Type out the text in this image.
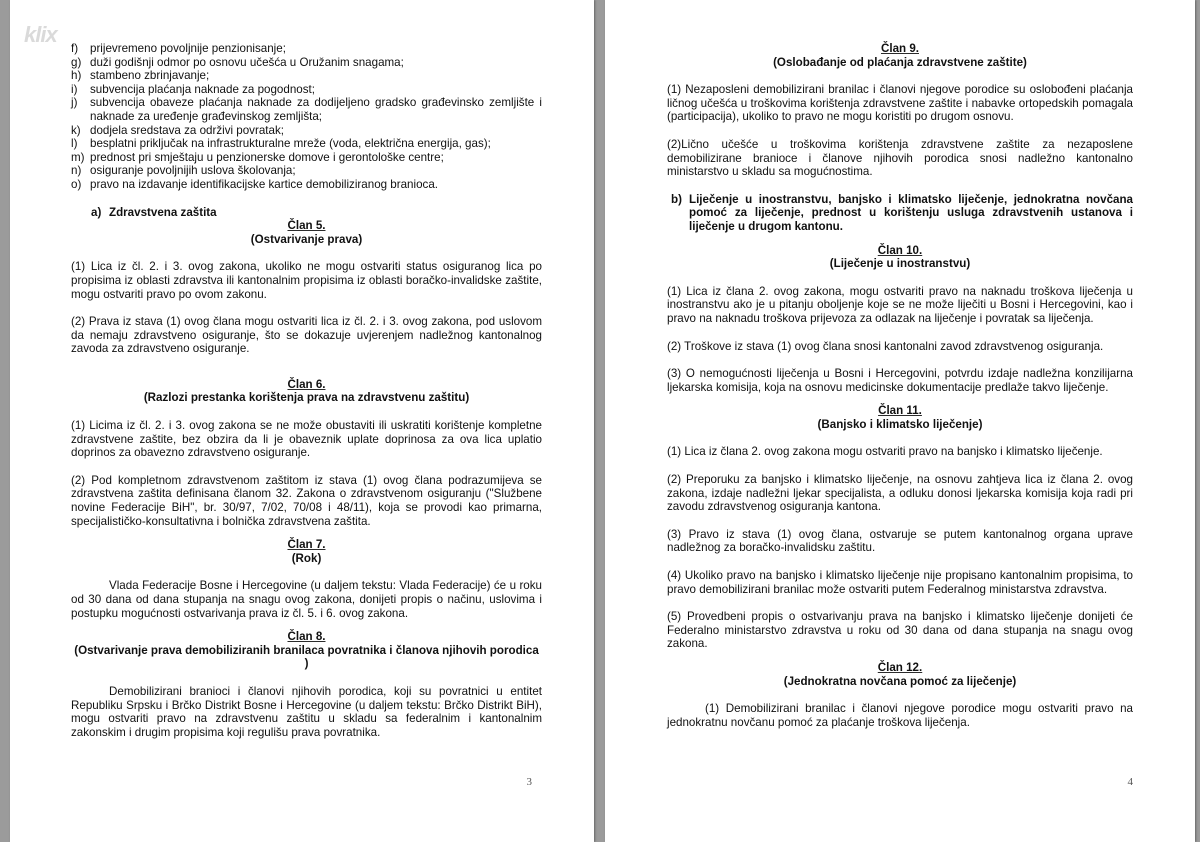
klix
f)	prijevremeno povoljnije penzionisanje;
g) duži godišnji odmor po osnovu učešća u Oružanim snagama;
h) stambeno zbrinjavanje;
i)	subvencija plaćanja naknade za pogodnost;
j)	subvencija obaveze plaćanja naknade za dodijeljeno gradsko građevinsko zemljište i naknade za uređenje građevinskog zemljišta;
k) dodjela sredstava za održivi povratak;
l)	besplatni priključak na infrastrukturalne mreže (voda, električna energija, gas);
m) prednost pri smještaju u penzionerske domove i gerontološke centre;
n) osiguranje povoljnijih uslova školovanja;
o) pravo na izdavanje identifikacijske kartice demobiliziranog branioca.
a) Zdravstvena zaštita
Član 5.
(Ostvarivanje prava)

(1) Lica iz čl. 2. i 3. ovog zakona, ukoliko ne mogu ostvariti status osiguranog lica po propisima iz oblasti zdravstva ili kantonalnim propisima iz oblasti boračko-invalidske zaštite, mogu ostvariti pravo po ovom zakonu.

(2) Prava iz stava (1) ovog člana mogu ostvariti lica iz čl. 2. i 3. ovog zakona, pod uslovom da nemaju zdravstveno osiguranje, što se dokazuje uvjerenjem nadležnog kantonalnog zavoda za zdravstveno osiguranje.

Član 6.
(Razlozi prestanka korištenja prava na zdravstvenu zaštitu)

(1) Licima iz čl. 2. i 3. ovog zakona se ne može obustaviti ili uskratiti korištenje kompletne zdravstvene zaštite, bez obzira da li je obaveznik uplate doprinosa za ova lica uplatio doprinos za obavezno zdravstveno osiguranje.

(2) Pod kompletnom zdravstvenom zaštitom iz stava (1) ovog člana podrazumijeva se zdravstvena zaštita definisana članom 32. Zakona o zdravstvenom osiguranju ("Službene novine Federacije BiH", br. 30/97, 7/02, 70/08 i 48/11), koja se provodi kao primarna, specijalističko-konsultativna i bolnička zdravstvena zaštita.

Član 7.
(Rok)

Vlada Federacije Bosne i Hercegovine (u daljem tekstu: Vlada Federacije) će u roku od 30 dana od dana stupanja na snagu ovog zakona, donijeti propis o načinu, uslovima i postupku mogućnosti ostvarivanja prava iz čl. 5. i 6. ovog zakona.

Član 8.
(Ostvarivanje prava demobiliziranih branilaca povratnika i članova njihovih porodica )

Demobilizirani branioci i članovi njihovih porodica, koji su povratnici u entitet Republiku Srpsku i Brčko Distrikt Bosne i Hercegovine (u daljem tekstu: Brčko Distrikt BiH), mogu ostvariti pravo na zdravstvenu zaštitu u skladu sa federalnim i kantonalnim zakonskim i drugim propisima koji regulišu prava povratnika.

3
Član 9.
(Oslobađanje od plaćanja zdravstvene zaštite)

(1) Nezaposleni demobilizirani branilac i članovi njegove porodice su oslobođeni plaćanja ličnog učešća u troškovima korištenja zdravstvene zaštite i nabavke ortopedskih pomagala (participacija), ukoliko to pravo ne mogu koristiti po drugom osnovu.

(2)Lično učešće u troškovima korištenja zdravstvene zaštite za nezaposlene demobilizirane branioce i članove njihovih porodica snosi nadležno kantonalno ministarstvo u skladu sa mogućnostima.

b) Liječenje u inostranstvu, banjsko i klimatsko liječenje, jednokratna novčana pomoć za liječenje, prednost u korištenju usluga zdravstvenih ustanova i liječenje u drugom kantonu.
Član 10.
(Liječenje u inostranstvu)

(1) Lica iz člana 2. ovog zakona, mogu ostvariti pravo na naknadu troškova liječenja u inostranstvu ako je u pitanju oboljenje koje se ne može liječiti u Bosni i Hercegovini, kao i pravo na naknadu troškova prijevoza za odlazak na liječenje i povratak sa liječenja.

(2) Troškove iz stava (1) ovog člana snosi kantonalni zavod zdravstvenog osiguranja.

(3) O nemogućnosti liječenja u Bosni i Hercegovini, potvrdu izdaje nadležna konzilijarna ljekarska komisija, koja na osnovu medicinske dokumentacije predlaže takvo liječenje.

Član 11.
(Banjsko i klimatsko liječenje)

(1) Lica iz člana 2. ovog zakona mogu ostvariti pravo na banjsko i klimatsko liječenje.

(2) Preporuku za banjsko i klimatsko liječenje, na osnovu zahtjeva lica iz člana 2. ovog zakona, izdaje nadležni ljekar specijalista, a odluku donosi ljekarska komisija koja radi pri zavodu zdravstvenog osiguranja kantona.

(3) Pravo iz stava (1) ovog člana, ostvaruje se putem kantonalnog organa uprave nadležnog za boračko-invalidsku zaštitu.

(4) Ukoliko pravo na banjsko i klimatsko liječenje nije propisano kantonalnim propisima, to pravo demobilizirani branilac može ostvariti putem Federalnog ministarstva zdravstva.

(5) Provedbeni propis o ostvarivanju prava na banjsko i klimatsko liječenje donijeti će Federalno ministarstvo zdravstva u roku od 30 dana od dana stupanja na snagu ovog zakona.

Član 12.
(Jednokratna novčana pomoć za liječenje)

(1) Demobilizirani branilac i članovi njegove porodice mogu ostvariti pravo na jednokratnu novčanu pomoć za plaćanje troškova liječenja.

4
